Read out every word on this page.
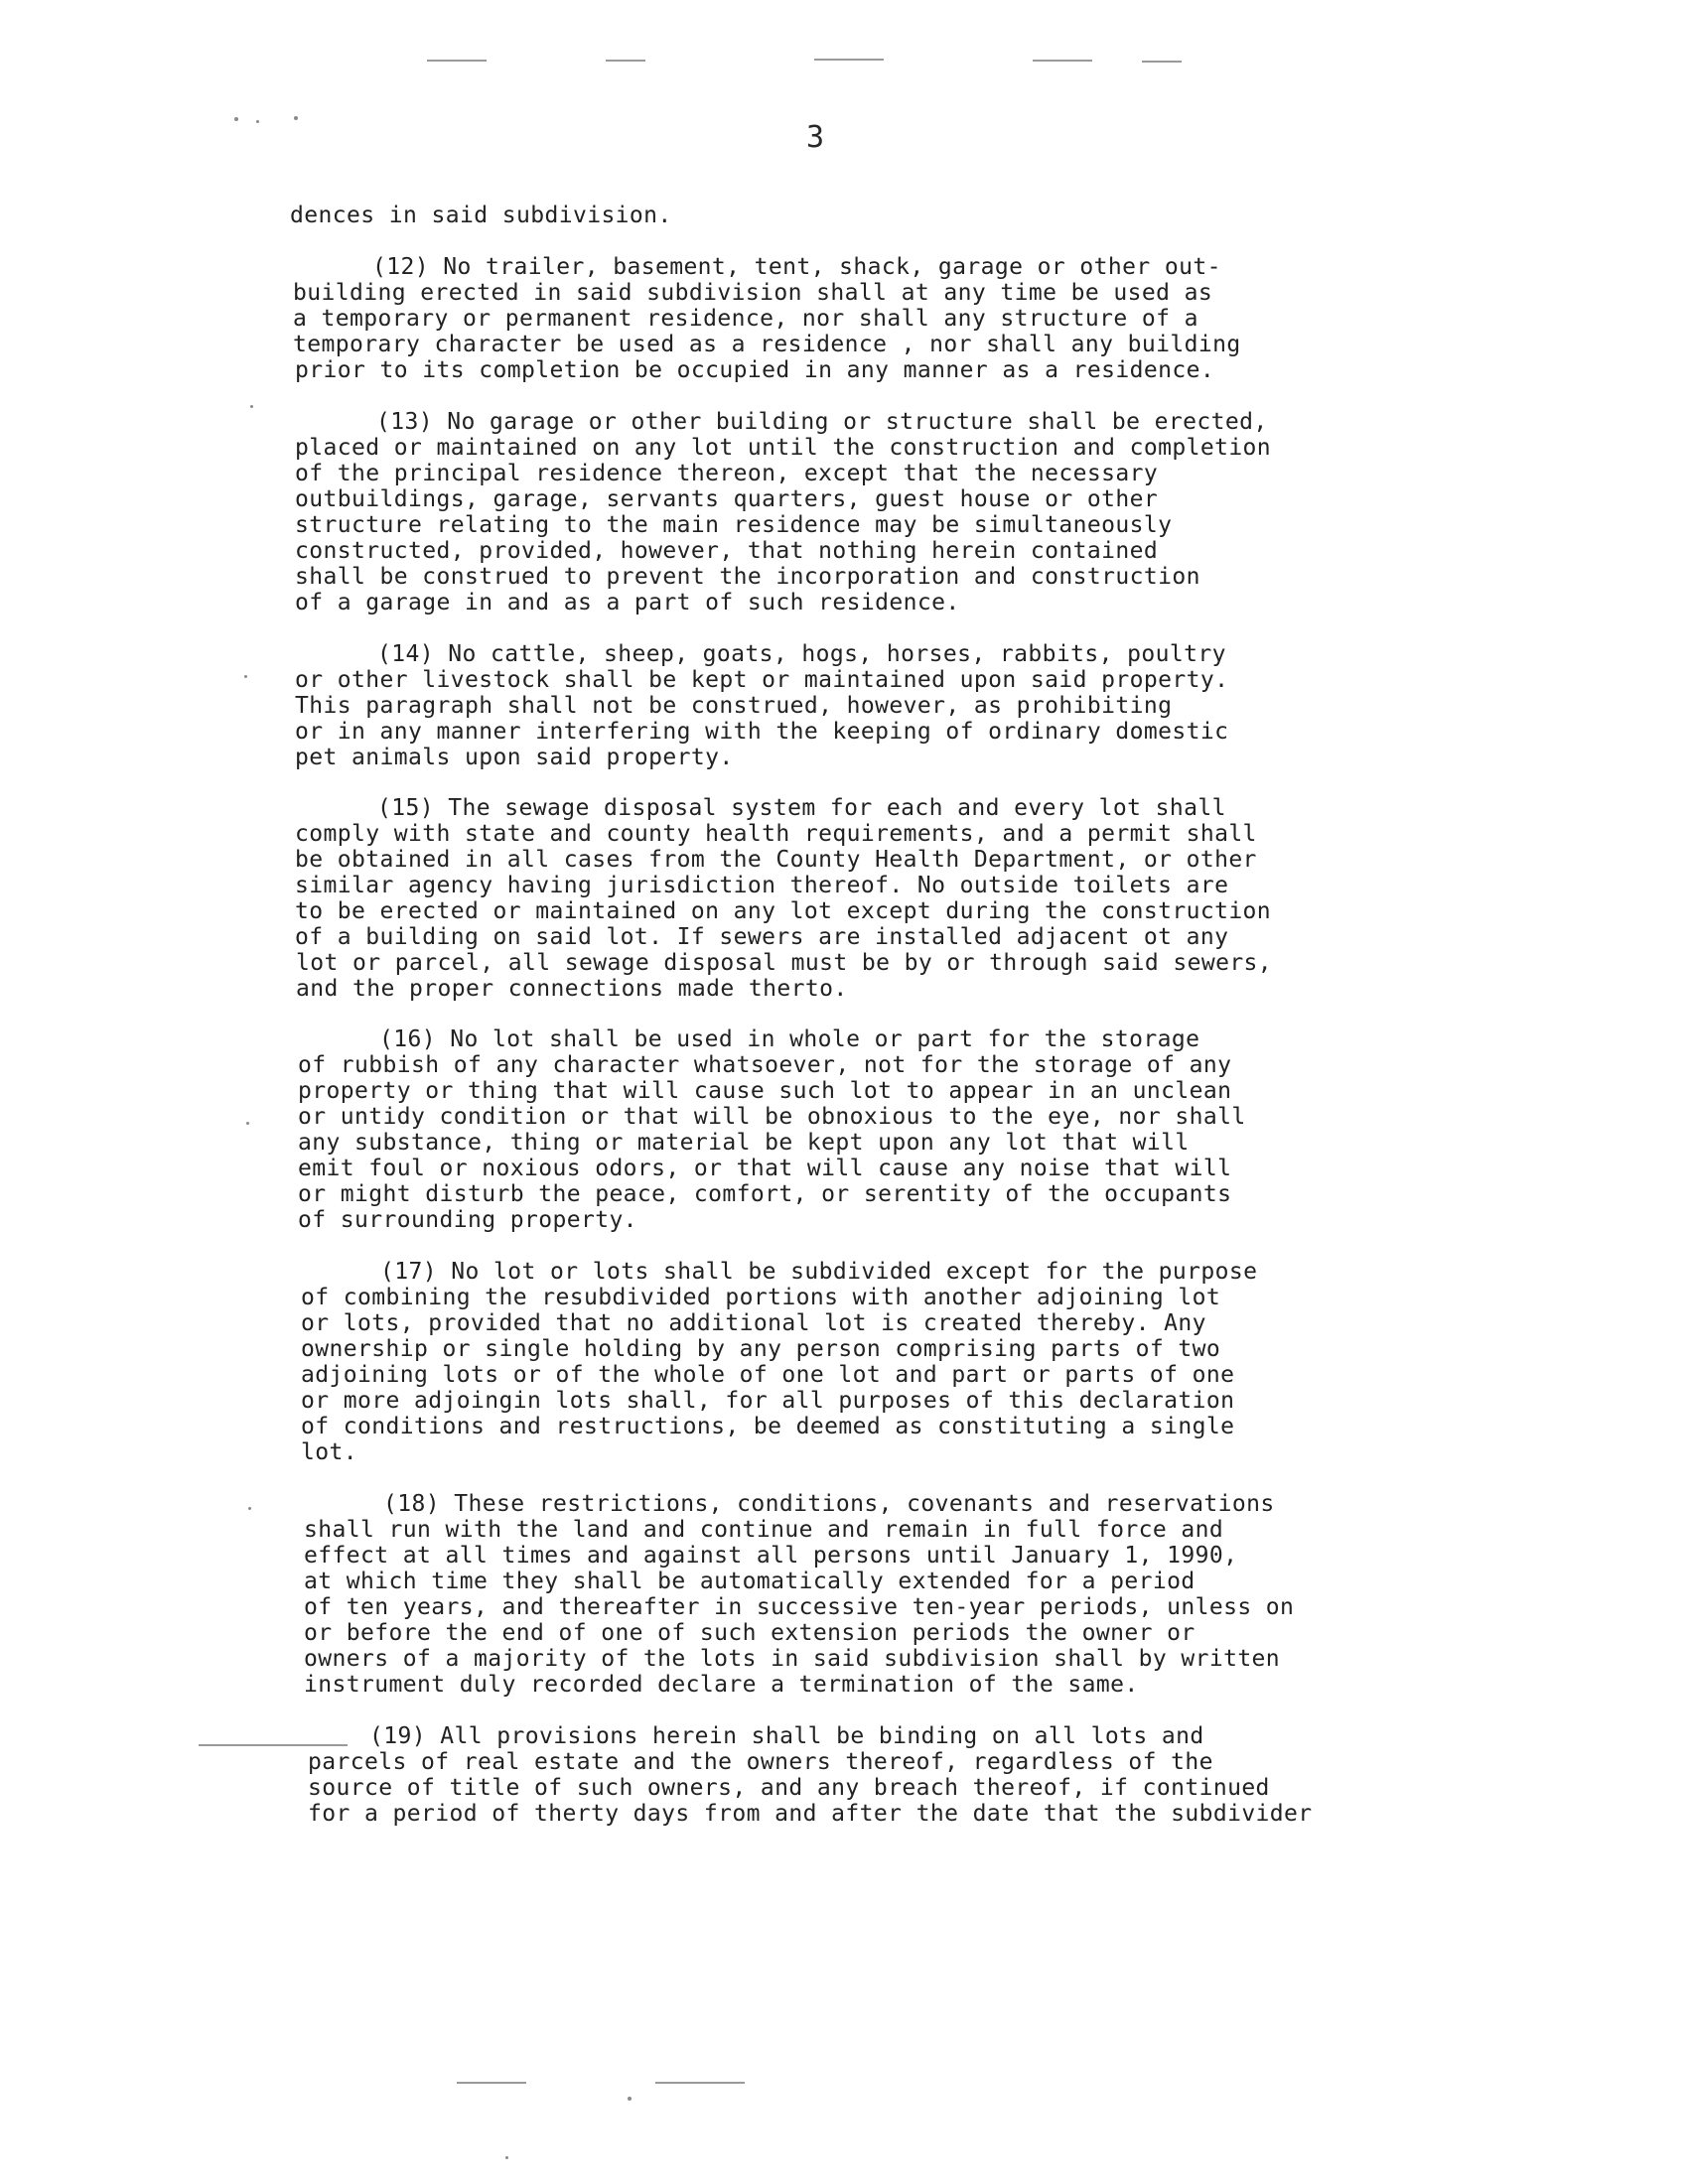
3
dences in said subdivision.
(12) No trailer, basement, tent, shack, garage or other out-
building erected in said subdivision shall at any time be used as
a temporary or permanent residence, nor shall any structure of a
temporary character be used as a residence , nor shall any building
prior to its completion be occupied in any manner as a residence.
(13) No garage or other building or structure shall be erected,
placed or maintained on any lot until the construction and completion
of the principal residence thereon, except that the necessary
outbuildings, garage, servants quarters, guest house or other
structure relating to the main residence may be simultaneously
constructed, provided, however, that nothing herein contained
shall be construed to prevent the incorporation and construction
of a garage in and as a part of such residence.
(14) No cattle, sheep, goats, hogs, horses, rabbits, poultry
or other livestock shall be kept or maintained upon said property.
This paragraph shall not be construed, however, as prohibiting
or in any manner interfering with the keeping of ordinary domestic
pet animals upon said property.
(15) The sewage disposal system for each and every lot shall
comply with state and county health requirements, and a permit shall
be obtained in all cases from the County Health Department, or other
similar agency having jurisdiction thereof. No outside toilets are
to be erected or maintained on any lot except during the construction
of a building on said lot. If sewers are installed adjacent ot any
lot or parcel, all sewage disposal must be by or through said sewers,
and the proper connections made therto.
(16) No lot shall be used in whole or part for the storage
of rubbish of any character whatsoever, not for the storage of any
property or thing that will cause such lot to appear in an unclean
or untidy condition or that will be obnoxious to the eye, nor shall
any substance, thing or material be kept upon any lot that will
emit foul or noxious odors, or that will cause any noise that will
or might disturb the peace, comfort, or serentity of the occupants
of surrounding property.
(17) No lot or lots shall be subdivided except for the purpose
of combining the resubdivided portions with another adjoining lot
or lots, provided that no additional lot is created thereby. Any
ownership or single holding by any person comprising parts of two
adjoining lots or of the whole of one lot and part or parts of one
or more adjoingin lots shall, for all purposes of this declaration
of conditions and restructions, be deemed as constituting a single
lot.
(18) These restrictions, conditions, covenants and reservations
shall run with the land and continue and remain in full force and
effect at all times and against all persons until January 1, 1990,
at which time they shall be automatically extended for a period
of ten years, and thereafter in successive ten-year periods, unless on
or before the end of one of such extension periods the owner or
owners of a majority of the lots in said subdivision shall by written
instrument duly recorded declare a termination of the same.
(19) All provisions herein shall be binding on all lots and
parcels of real estate and the owners thereof, regardless of the
source of title of such owners, and any breach thereof, if continued
for a period of therty days from and after the date that the subdivider
